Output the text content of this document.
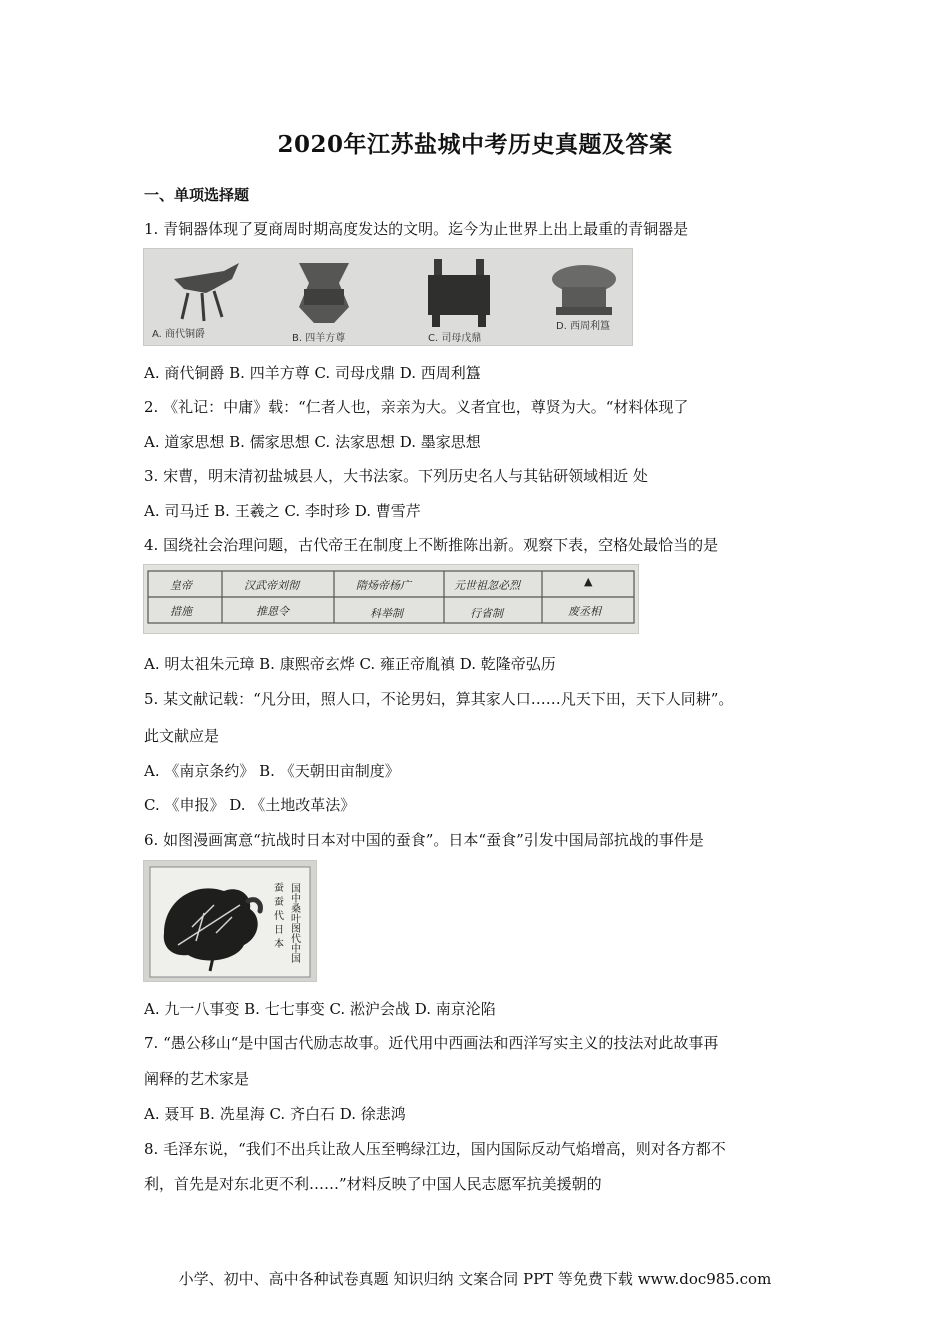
2020年江苏盐城中考历史真题及答案
一、单项选择题
1. 青铜器体现了夏商周时期高度发达的文明。迄今为止世界上出上最重的青铜器是
A. 商代铜爵	B. 四羊方尊	C. 司母戊鼎
D. 西周利簋
A. 商代铜爵 B. 四羊方尊 C. 司母戊鼎 D. 西周利簋
2. 《礼记：中庸》载：“仁者人也，亲亲为大。义者宜也，尊贤为大。“材料体现了
A. 道家思想 B. 儒家思想 C. 法家思想 D. 墨家思想
3. 宋曹，明末清初盐城县人，大书法家。下列历史名人与其钻研领域相近 处
A. 司马迁 B. 王羲之 C. 李时珍 D. 曹雪芹
4. 国绕社会治理问题，古代帝王在制度上不断推陈出新。观察下表，空格处最恰当的是
皇帝	汉武帝刘彻	隋炀帝杨广	元世祖忽必烈	▲
措施	推恩令	科举制	行省制	废丞相
A. 明太祖朱元璋 B. 康熙帝玄烨 C. 雍正帝胤禛 D. 乾隆帝弘历
5. 某文献记载：“凡分田，照人口，不论男妇，算其家人口……凡天下田，天下人同耕”。
此文献应是
A. 《南京条约》 B. 《天朝田亩制度》
C. 《申报》 D. 《土地改革法》
6. 如图漫画寓意“抗战时日本对中国的蚕食”。日本“蚕食”引发中国局部抗战的事件是
国中桑叶图代中国
蚕
蚕
代
日
本
A. 九一八事变 B. 七七事变 C. 淞沪会战 D. 南京沦陷
7. “愚公移山“是中国古代励志故事。近代用中西画法和西洋写实主义的技法对此故事再
阐释的艺术家是
A. 聂耳 B. 冼星海 C. 齐白石 D. 徐悲鸿
8. 毛泽东说，“我们不出兵让敌人压至鸭绿江边，国内国际反动气焰增高，则对各方都不
利，首先是对东北更不利……”材料反映了中国人民志愿军抗美援朝的
小学、初中、高中各种试卷真题 知识归纳 文案合同 PPT 等免费下载 www.doc985.com
